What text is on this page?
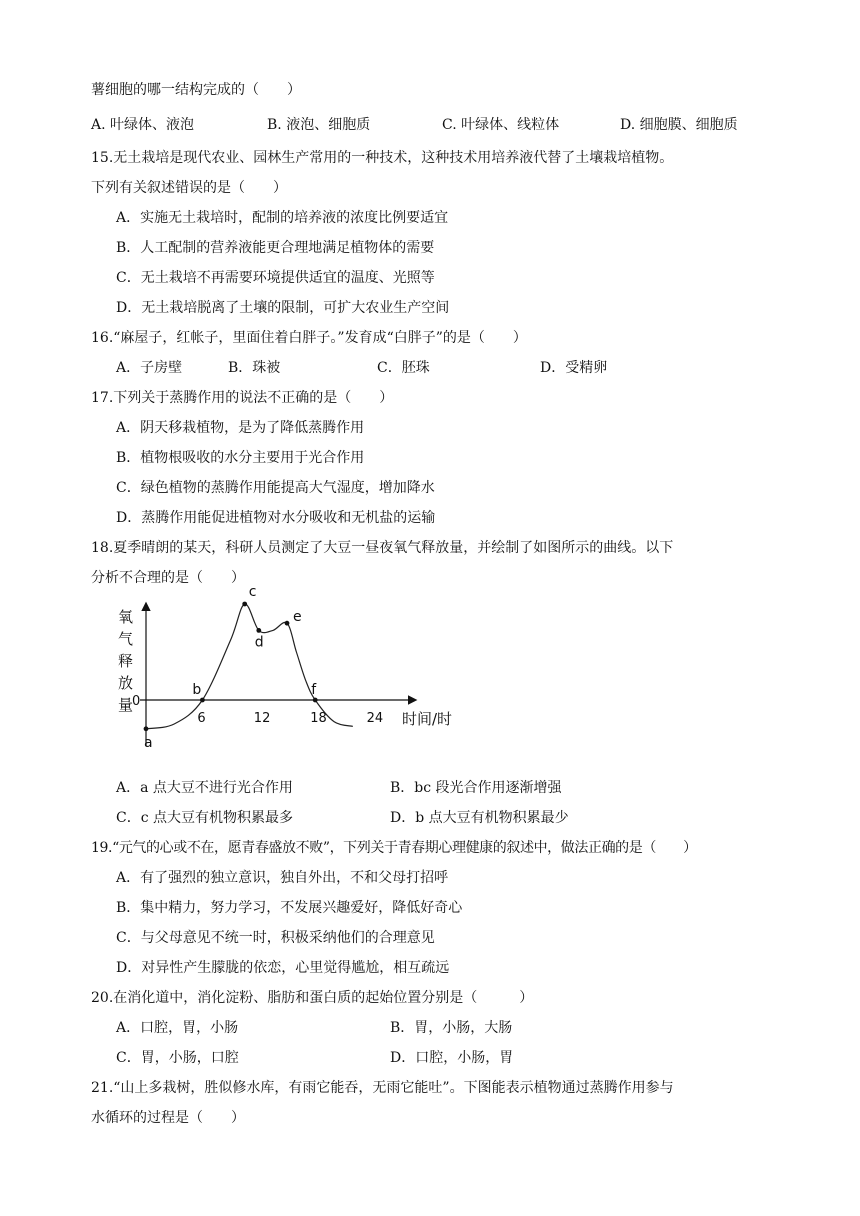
薯细胞的哪一结构完成的（　　）
A. 叶绿体、液泡	B. 液泡、细胞质	C. 叶绿体、线粒体	D. 细胞膜、细胞质
15.无土栽培是现代农业、园林生产常用的一种技术，这种技术用培养液代替了土壤栽培植物。
下列有关叙述错误的是（　　）
A．实施无土栽培时，配制的培养液的浓度比例要适宜
B．人工配制的营养液能更合理地满足植物体的需要
C．无土栽培不再需要环境提供适宜的温度、光照等
D．无土栽培脱离了土壤的限制，可扩大农业生产空间
16.“麻屋子，红帐子，里面住着白胖子。”发育成“白胖子”的是（　　）
A．子房壁	B．珠被	C．胚珠	D．受精卵
17.下列关于蒸腾作用的说法不正确的是（　　）
A．阴天移栽植物，是为了降低蒸腾作用
B．植物根吸收的水分主要用于光合作用
C．绿色植物的蒸腾作用能提高大气湿度，增加降水
D．蒸腾作用能促进植物对水分吸收和无机盐的运输
18.夏季晴朗的某天，科研人员测定了大豆一昼夜氧气释放量，并绘制了如图所示的曲线。以下
分析不合理的是（　　）
氧气释放量
时间/时
0
6	12	18	24
a
b
c
d
e
f
A．a 点大豆不进行光合作用	B．bc 段光合作用逐渐增强
C．c 点大豆有机物积累最多	D．b 点大豆有机物积累最少
19.“元气的心或不在，愿青春盛放不败”，下列关于青春期心理健康的叙述中，做法正确的是（　　）
A．有了强烈的独立意识，独自外出，不和父母打招呼
B．集中精力，努力学习，不发展兴趣爱好，降低好奇心
C．与父母意见不统一时，积极采纳他们的合理意见
D．对异性产生朦胧的依恋，心里觉得尴尬，相互疏远
20.在消化道中，消化淀粉、脂肪和蛋白质的起始位置分别是（　　　）
A．口腔，胃，小肠	B．胃，小肠，大肠
C．胃，小肠，口腔	D．口腔，小肠，胃
21.“山上多栽树，胜似修水库，有雨它能吞，无雨它能吐”。下图能表示植物通过蒸腾作用参与
水循环的过程是（　　）
